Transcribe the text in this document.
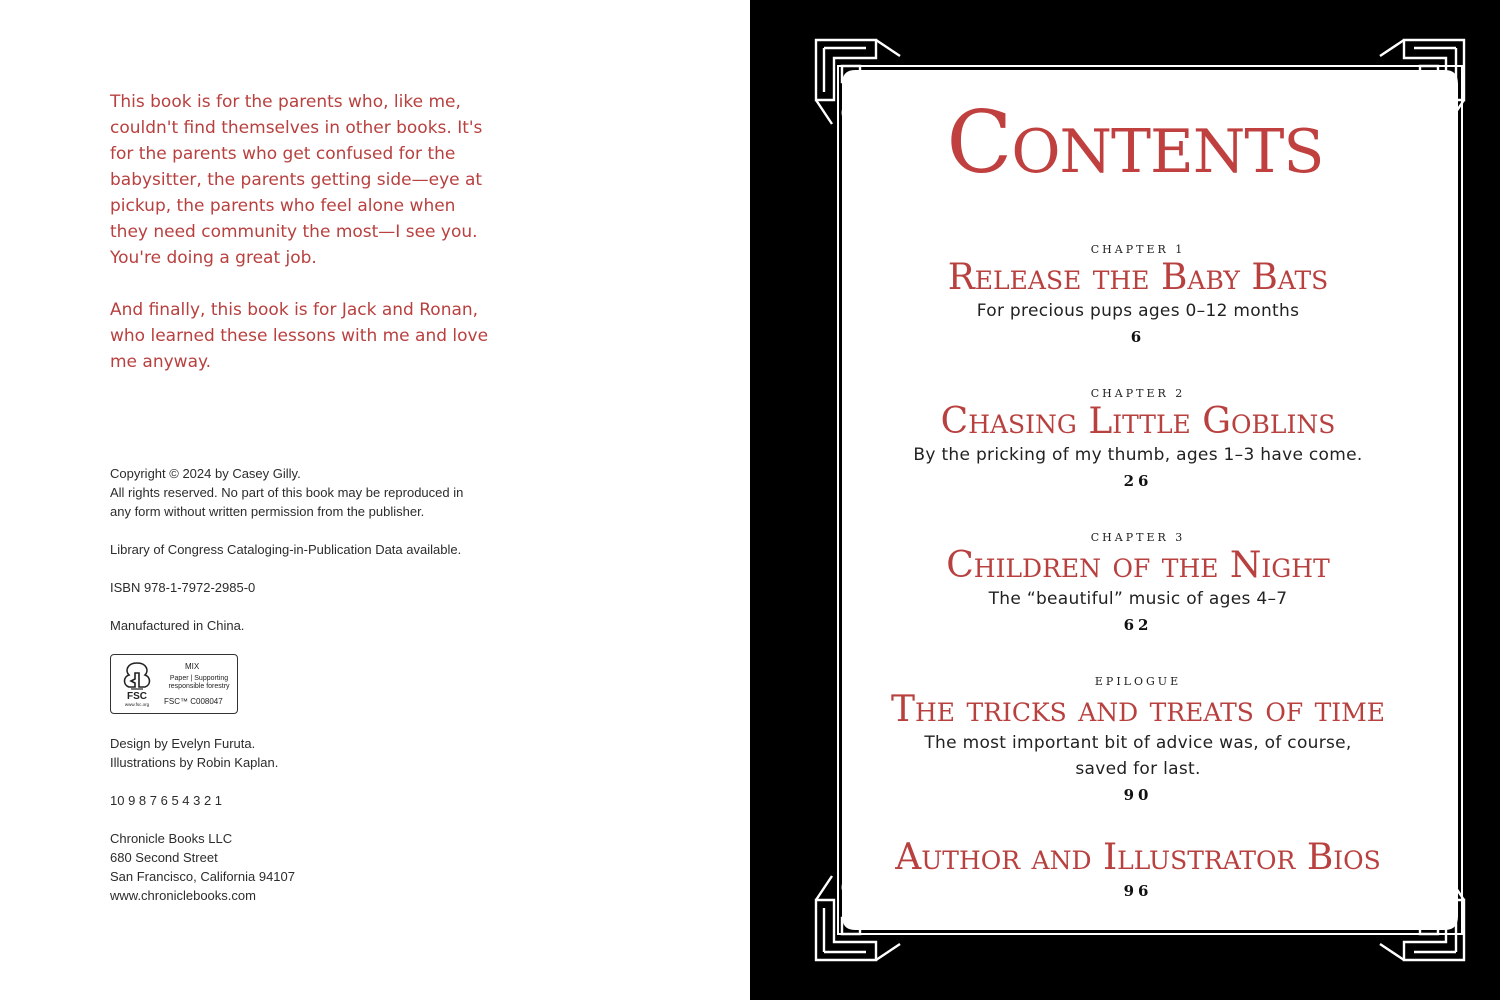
This book is for the parents who, like me,
couldn't find themselves in other books. It's
for the parents who get confused for the
babysitter, the parents getting side—eye at
pickup, the parents who feel alone when
they need community the most—I see you.
You're doing a great job.

And finally, this book is for Jack and Ronan,
who learned these lessons with me and love
me anyway.

Copyright © 2024 by Casey Gilly.
All rights reserved. No part of this book may be reproduced in
any form without written permission from the publisher.
Library of Congress Cataloging-in-Publication Data available.
ISBN 978-1-7972-2985-0
Manufactured in China.
FSC
www.fsc.org
MIX
Paper | Supporting responsible forestry
FSC™ C008047
Design by Evelyn Furuta.
Illustrations by Robin Kaplan.
10 9 8 7 6 5 4 3 2 1
Chronicle Books LLC
680 Second Street
San Francisco, California 94107
www.chroniclebooks.com
Contents
CHAPTER 1
Release the Baby Bats
For precious pups ages 0–12 months
6
CHAPTER 2
Chasing Little Goblins
By the pricking of my thumb, ages 1–3 have come.
26
CHAPTER 3
Children of the Night
The “beautiful” music of ages 4–7
62
EPILOGUE
The tricks and treats of time
The most important bit of advice was, of course,
saved for last.
90
Author and Illustrator Bios
96
